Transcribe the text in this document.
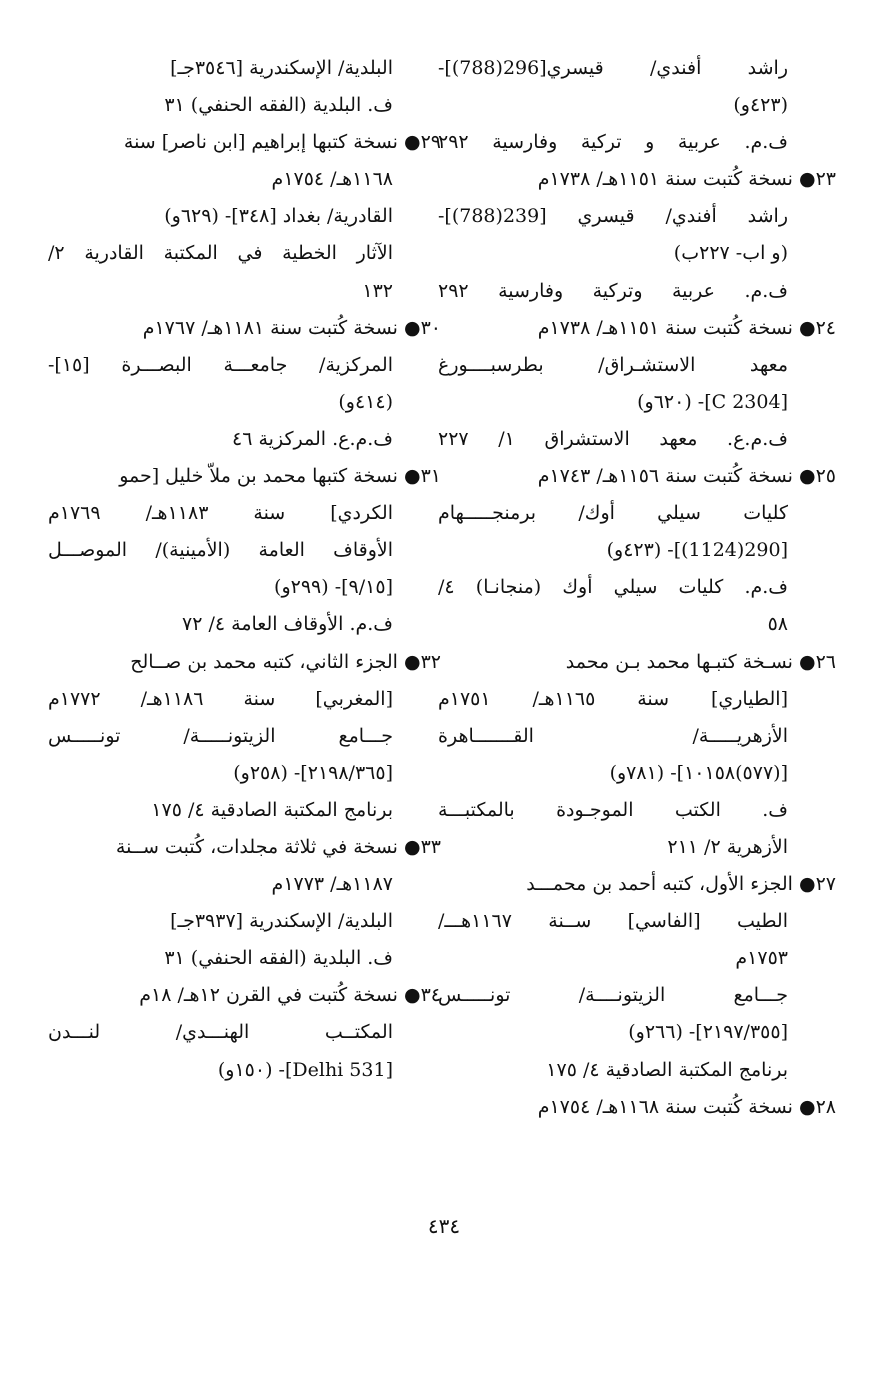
راشد أفندي/ قيسري[296(788)]-
(٤٢٣و)
ف.م. عربية و تركية وفارسية ٢٩٢
٢٣● نسخة كُتبت سنة ١١٥١هـ/ ١٧٣٨م
راشد أفندي/ قيسري [239(788)]-
(و اب- ٢٢٧ب)
ف.م. عربية وتركية وفارسية ٢٩٢
٢٤● نسخة كُتبت سنة ١١٥١هـ/ ١٧٣٨م
معهد الاستشـراق/ بطرسبــــورغ
[C 2304]- (٦٢٠و)
ف.م.ع. معهد الاستشراق ١/ ٢٢٧
٢٥● نسخة كُتبت سنة ١١٥٦هـ/ ١٧٤٣م
كليات سيلي أوك/ برمنجـــــهام
[290(1124)]- (٤٢٣و)
ف.م. كليات سيلي أوك (منجانـا) ٤/
٥٨
٢٦● نسـخة كتبـها محمد بـن محمد
[الطياري] سنة ١١٦٥هـ/ ١٧٥١م
الأزهريـــــة/ القـــــــاهرة
[(٥٧٧)١٠١٥٨]- (٧٨١و)
ف. الكتب الموجـودة بالمكتبـــة
الأزهرية ٢/ ٢١١
٢٧● الجزء الأول، كتبه أحمد بن محمـــد
الطيب [الفاسي] ســنة ١١٦٧هـــ/
١٧٥٣م
جـــامع الزيتونــــة/ تونـــــس
[٢١٩٧/٣٥٥]- (٢٦٦و)
برنامج المكتبة الصادقية ٤/ ١٧٥
٢٨● نسخة كُتبت سنة ١١٦٨هـ/ ١٧٥٤م
البلدية/ الإسكندرية [٣٥٤٦جـ]
ف. البلدية (الفقه الحنفي) ٣١
٢٩● نسخة كتبها إبراهيم [ابن ناصر] سنة
١١٦٨هـ/ ١٧٥٤م
القادرية/ بغداد [٣٤٨]- (٦٢٩و)
الآثار الخطية في المكتبة القادرية ٢/
١٣٢
٣٠● نسخة كُتبت سنة ١١٨١هـ/ ١٧٦٧م
المركزية/ جامعـــة البصـــرة [١٥]-
(٤١٤و)
ف.م.ع. المركزية ٤٦
٣١● نسخة كتبها محمد بن ملاّ خليل [حمو
الكردي] سنة ١١٨٣هـ/ ١٧٦٩م
الأوقاف العامة (الأمينية)/ الموصـــل
[٩/١٥]- (٢٩٩و)
ف.م. الأوقاف العامة ٤/ ٧٢
٣٢● الجزء الثاني، كتبه محمد بن صــالح
[المغربي] سنة ١١٨٦هـ/ ١٧٧٢م
جـــامع الزيتونـــــة/ تونـــــس
[٢١٩٨/٣٦٥]- (٢٥٨و)
برنامج المكتبة الصادقية ٤/ ١٧٥
٣٣● نسخة في ثلاثة مجلدات، كُتبت ســنة
١١٨٧هـ/ ١٧٧٣م
البلدية/ الإسكندرية [٣٩٣٧جـ]
ف. البلدية (الفقه الحنفي) ٣١
٣٤● نسخة كُتبت في القرن ١٢هـ/ ١٨م
المكتــب الهنـــدي/ لنـــدن
[Delhi 531]- (١٥٠و)
٤٣٤
